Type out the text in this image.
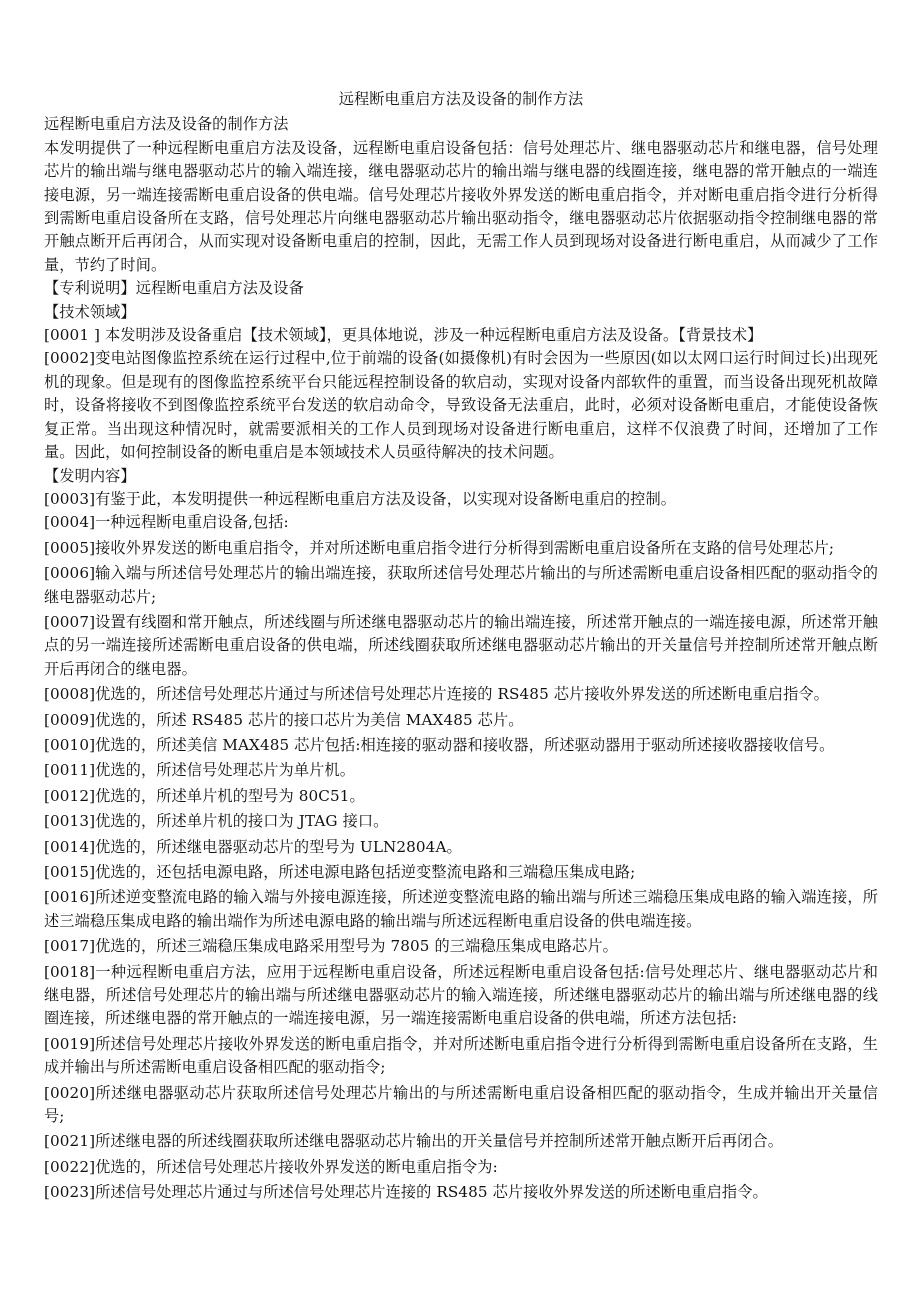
远程断电重启方法及设备的制作方法

远程断电重启方法及设备的制作方法

本发明提供了一种远程断电重启方法及设备，远程断电重启设备包括：信号处理芯片、继电器驱动芯片和继电器，信号处理芯片的输出端与继电器驱动芯片的输入端连接，继电器驱动芯片的输出端与继电器的线圈连接，继电器的常开触点的一端连接电源，另一端连接需断电重启设备的供电端。信号处理芯片接收外界发送的断电重启指令，并对断电重启指令进行分析得到需断电重启设备所在支路，信号处理芯片向继电器驱动芯片输出驱动指令，继电器驱动芯片依据驱动指令控制继电器的常开触点断开后再闭合，从而实现对设备断电重启的控制，因此，无需工作人员到现场对设备进行断电重启，从而减少了工作量，节约了时间。

【专利说明】远程断电重启方法及设备

【技术领域】

[0001 ] 本发明涉及设备重启【技术领域】，更具体地说，涉及一种远程断电重启方法及设备。【背景技术】

[0002]变电站图像监控系统在运行过程中,位于前端的设备(如摄像机)有时会因为一些原因(如以太网口运行时间过长)出现死机的现象。但是现有的图像监控系统平台只能远程控制设备的软启动，实现对设备内部软件的重置，而当设备出现死机故障时，设备将接收不到图像监控系统平台发送的软启动命令，导致设备无法重启，此时，必须对设备断电重启，才能使设备恢复正常。当出现这种情况时，就需要派相关的工作人员到现场对设备进行断电重启，这样不仅浪费了时间，还增加了工作量。因此，如何控制设备的断电重启是本领域技术人员亟待解决的技术问题。

【发明内容】

[0003]有鉴于此，本发明提供一种远程断电重启方法及设备，以实现对设备断电重启的控制。

[0004]一种远程断电重启设备,包括:

[0005]接收外界发送的断电重启指令，并对所述断电重启指令进行分析得到需断电重启设备所在支路的信号处理芯片;

[0006]输入端与所述信号处理芯片的输出端连接，获取所述信号处理芯片输出的与所述需断电重启设备相匹配的驱动指令的继电器驱动芯片;

[0007]设置有线圈和常开触点，所述线圈与所述继电器驱动芯片的输出端连接，所述常开触点的一端连接电源，所述常开触点的另一端连接所述需断电重启设备的供电端，所述线圈获取所述继电器驱动芯片输出的开关量信号并控制所述常开触点断开后再闭合的继电器。

[0008]优选的，所述信号处理芯片通过与所述信号处理芯片连接的 RS485 芯片接收外界发送的所述断电重启指令。

[0009]优选的，所述 RS485 芯片的接口芯片为美信 MAX485 芯片。

[0010]优选的，所述美信 MAX485 芯片包括:相连接的驱动器和接收器，所述驱动器用于驱动所述接收器接收信号。

[0011]优选的，所述信号处理芯片为单片机。

[0012]优选的，所述单片机的型号为 80C51。

[0013]优选的，所述单片机的接口为 JTAG 接口。

[0014]优选的，所述继电器驱动芯片的型号为 ULN2804A。

[0015]优选的，还包括电源电路，所述电源电路包括逆变整流电路和三端稳压集成电路;

[0016]所述逆变整流电路的输入端与外接电源连接，所述逆变整流电路的输出端与所述三端稳压集成电路的输入端连接，所述三端稳压集成电路的输出端作为所述电源电路的输出端与所述远程断电重启设备的供电端连接。

[0017]优选的，所述三端稳压集成电路采用型号为 7805 的三端稳压集成电路芯片。

[0018]一种远程断电重启方法，应用于远程断电重启设备，所述远程断电重启设备包括:信号处理芯片、继电器驱动芯片和继电器，所述信号处理芯片的输出端与所述继电器驱动芯片的输入端连接，所述继电器驱动芯片的输出端与所述继电器的线圈连接，所述继电器的常开触点的一端连接电源，另一端连接需断电重启设备的供电端，所述方法包括:

[0019]所述信号处理芯片接收外界发送的断电重启指令，并对所述断电重启指令进行分析得到需断电重启设备所在支路，生成并输出与所述需断电重启设备相匹配的驱动指令;

[0020]所述继电器驱动芯片获取所述信号处理芯片输出的与所述需断电重启设备相匹配的驱动指令，生成并输出开关量信号;

[0021]所述继电器的所述线圈获取所述继电器驱动芯片输出的开关量信号并控制所述常开触点断开后再闭合。

[0022]优选的，所述信号处理芯片接收外界发送的断电重启指令为:

[0023]所述信号处理芯片通过与所述信号处理芯片连接的 RS485 芯片接收外界发送的所述断电重启指令。
